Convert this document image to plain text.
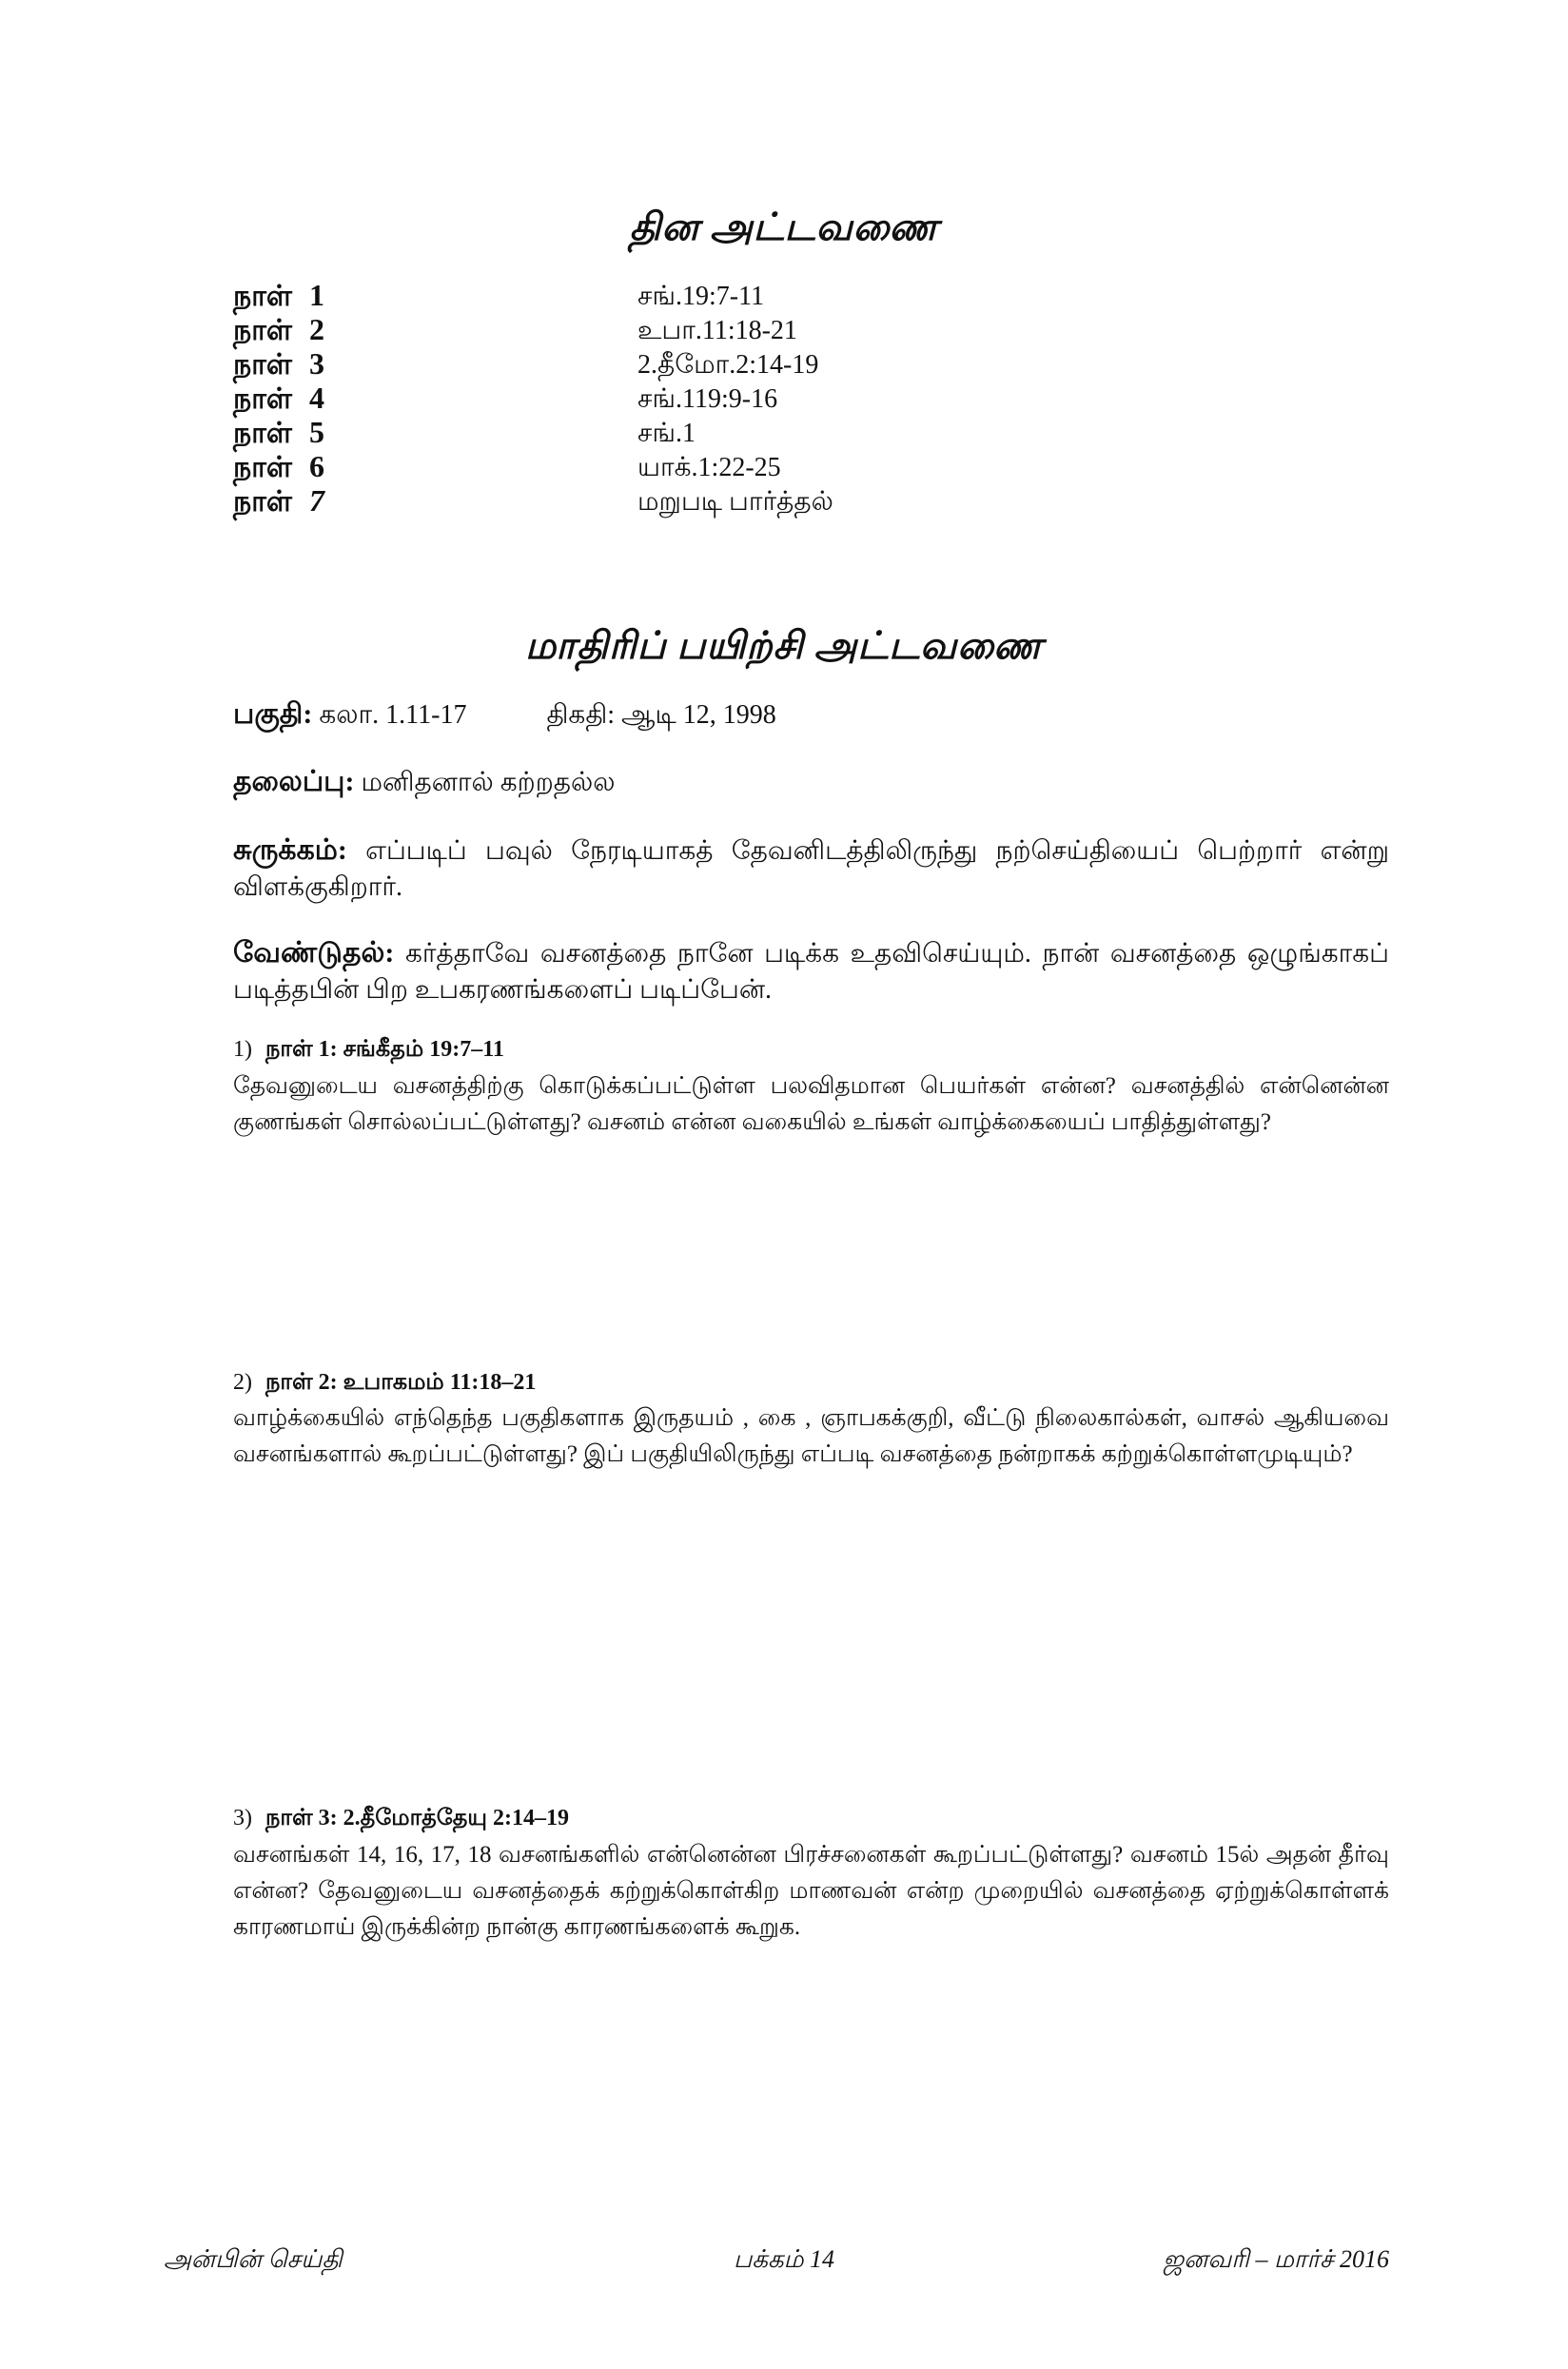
தின அட்டவணை
நாள் 1	சங்.19:7-11
நாள் 2	உபா.11:18-21
நாள் 3	2.தீமோ.2:14-19
நாள் 4	சங்.119:9-16
நாள் 5	சங்.1
நாள் 6	யாக்.1:22-25
நாள் 7	மறுபடி பார்த்தல்
மாதிரிப் பயிற்சி அட்டவணை
பகுதி: கலா. 1.11-17	திகதி: ஆடி 12, 1998
தலைப்பு: மனிதனால் கற்றதல்ல
சுருக்கம்: எப்படிப் பவுல் நேரடியாகத் தேவனிடத்திலிருந்து நற்செய்தியைப் பெற்றார் என்று விளக்குகிறார்.
வேண்டுதல்: கர்த்தாவே வசனத்தை நானே படிக்க உதவிசெய்யும். நான் வசனத்தை ஒழுங்காகப் படித்தபின் பிற உபகரணங்களைப் படிப்பேன்.
1) நாள் 1: சங்கீதம் 19:7–11
தேவனுடைய வசனத்திற்கு கொடுக்கப்பட்டுள்ள பலவிதமான பெயர்கள் என்ன? வசனத்தில் என்னென்ன குணங்கள் சொல்லப்பட்டுள்ளது? வசனம் என்ன வகையில் உங்கள் வாழ்க்கையைப் பாதித்துள்ளது?
2) நாள் 2: உபாகமம் 11:18–21
வாழ்க்கையில் எந்தெந்த பகுதிகளாக இருதயம் , கை , ஞாபகக்குறி, வீட்டு நிலைகால்கள், வாசல் ஆகியவை வசனங்களால் கூறப்பட்டுள்ளது? இப் பகுதியிலிருந்து எப்படி வசனத்தை நன்றாகக் கற்றுக்கொள்ளமுடியும்?
3) நாள் 3: 2.தீமோத்தேயு 2:14–19
வசனங்கள் 14, 16, 17, 18 வசனங்களில் என்னென்ன பிரச்சனைகள் கூறப்பட்டுள்ளது? வசனம் 15ல் அதன் தீர்வு என்ன? தேவனுடைய வசனத்தைக் கற்றுக்கொள்கிற மாணவன் என்ற முறையில் வசனத்தை ஏற்றுக்கொள்ளக் காரணமாய் இருக்கின்ற நான்கு காரணங்களைக் கூறுக.
அன்பின் செய்தி	பக்கம் 14	ஜனவரி – மார்ச் 2016
